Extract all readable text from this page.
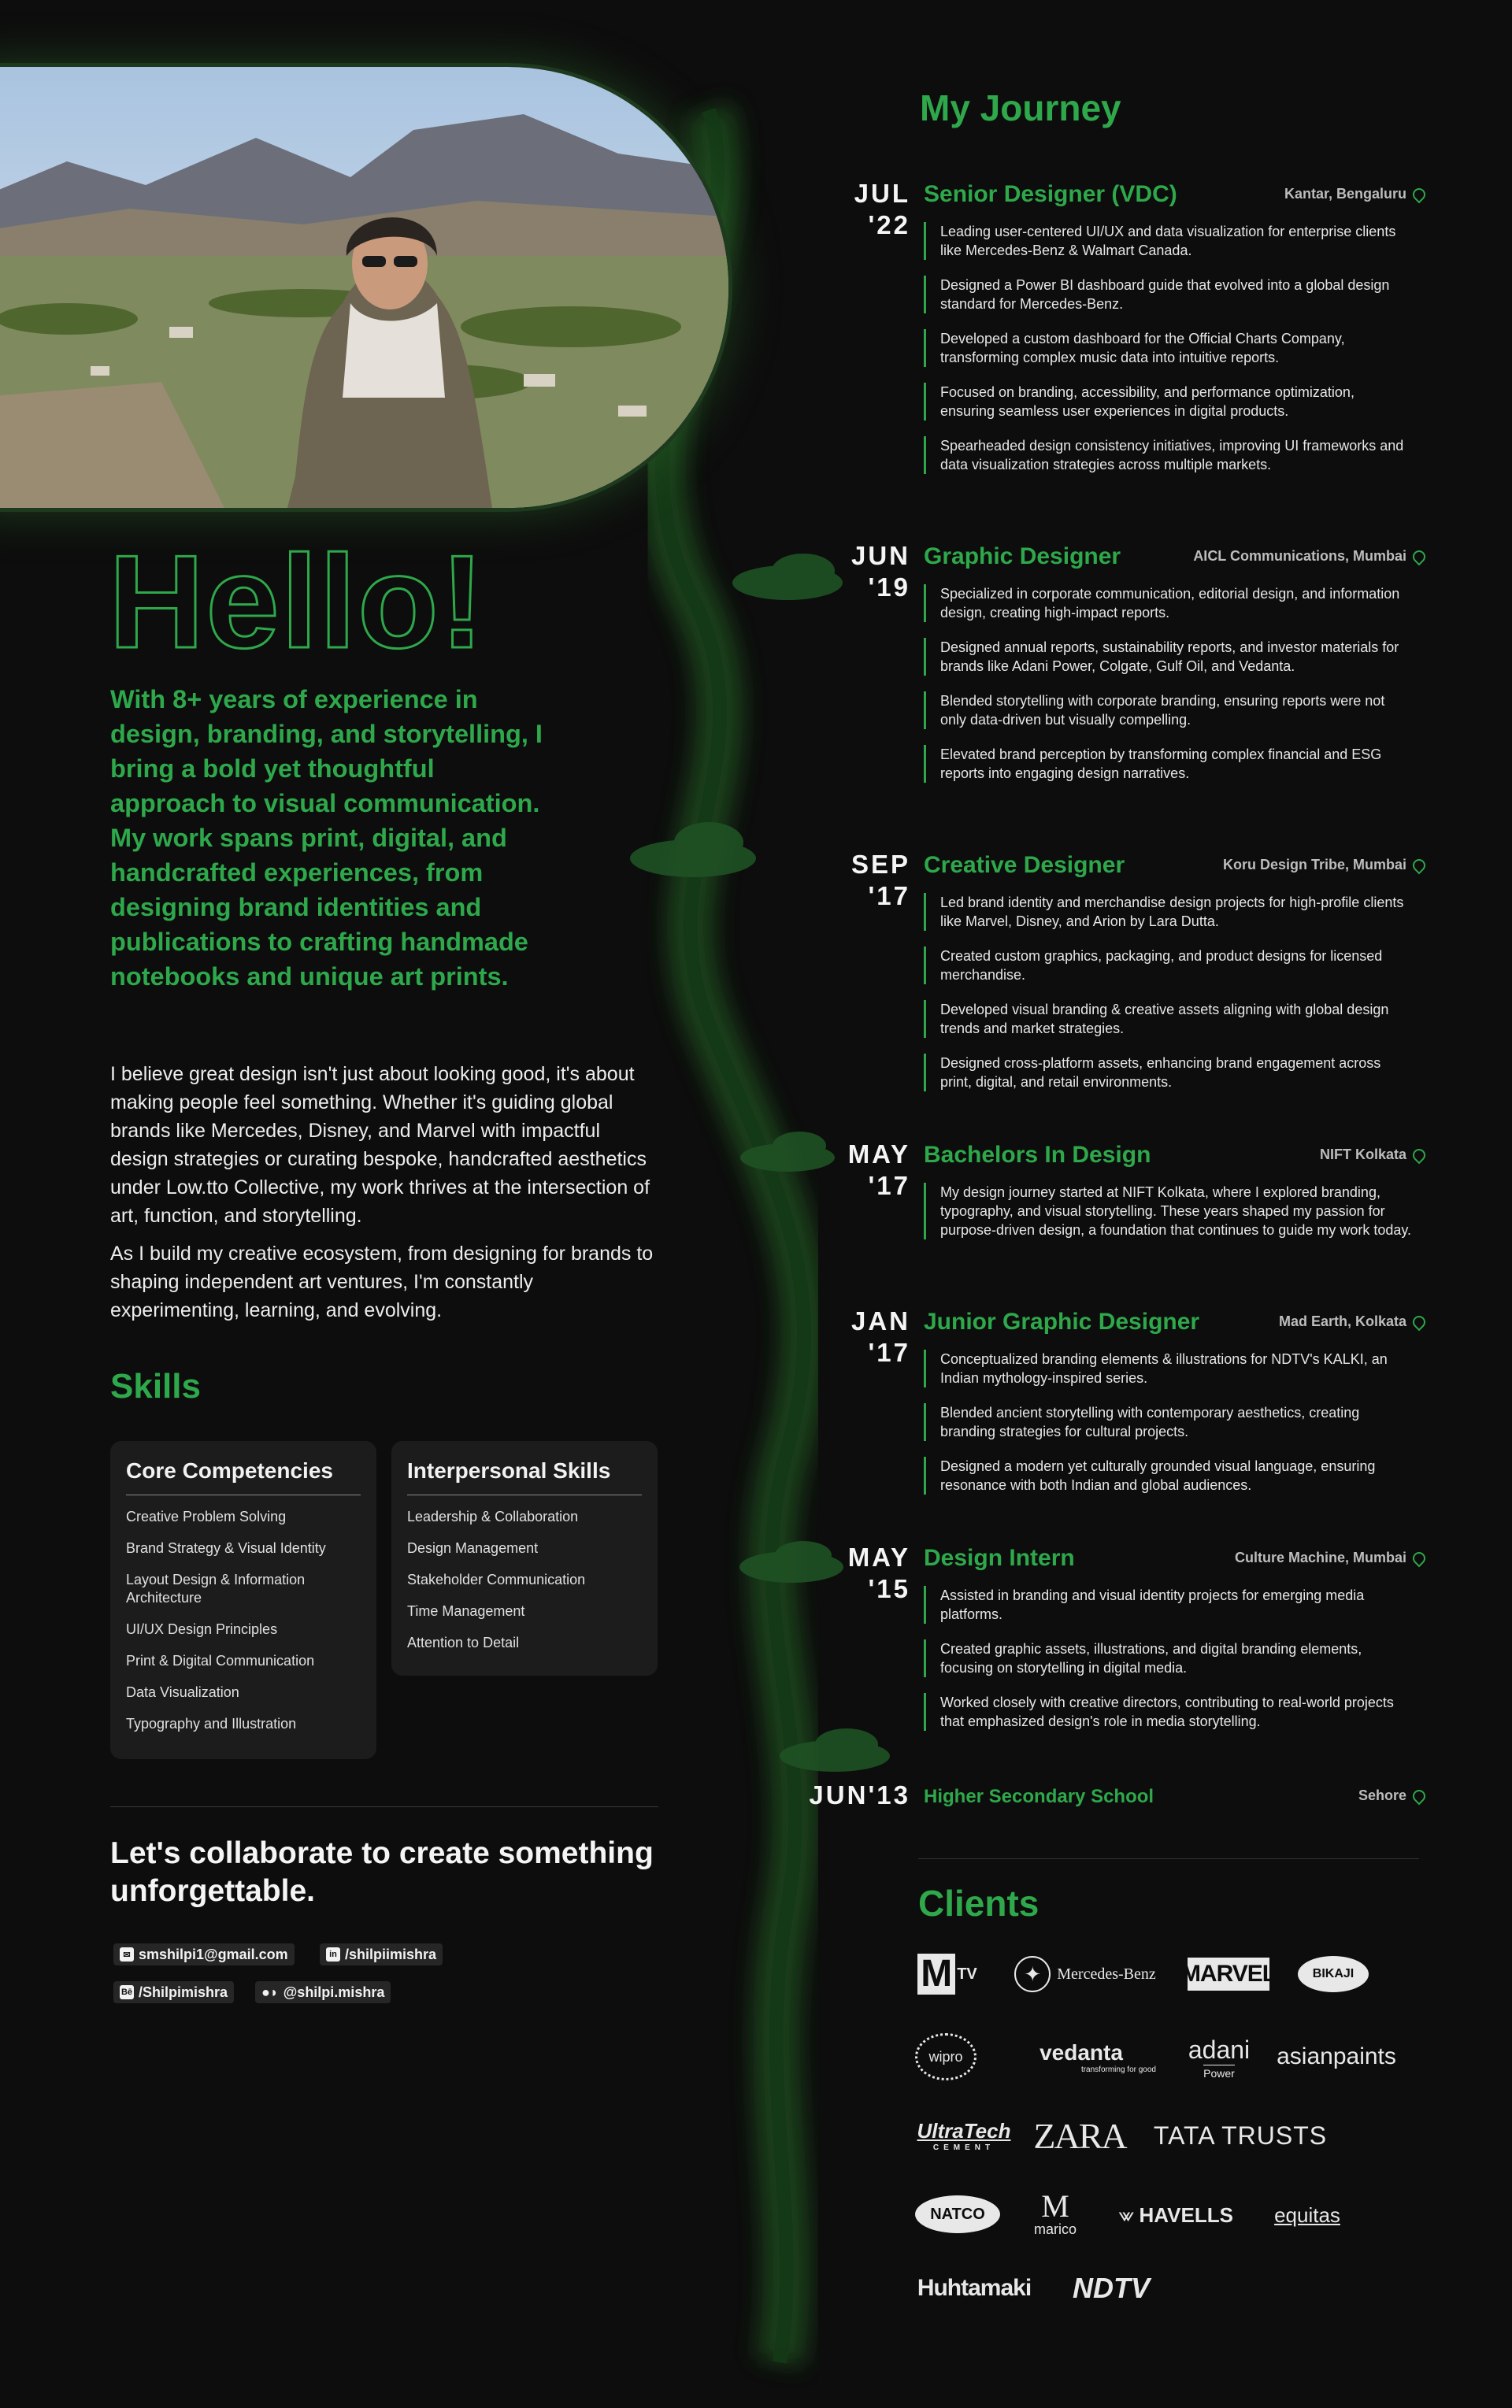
Hello!

With 8+ years of experience in design, branding, and storytelling, I bring a bold yet thoughtful approach to visual communication. My work spans print, digital, and handcrafted experiences, from designing brand identities and publications to crafting handmade notebooks and unique art prints.

I believe great design isn't just about looking good, it's about making people feel something. Whether it's guiding global brands like Mercedes, Disney, and Marvel with impactful design strategies or curating bespoke, handcrafted aesthetics under Low.tto Collective, my work thrives at the intersection of art, function, and storytelling.

As I build my creative ecosystem, from designing for brands to shaping independent art ventures, I'm constantly experimenting, learning, and evolving.

Skills
Core Competencies
Creative Problem Solving
Brand Strategy & Visual Identity
Layout Design & Information Architecture
UI/UX Design Principles
Print & Digital Communication
Data Visualization
Typography and Illustration
Interpersonal Skills
Leadership & Collaboration
Design Management
Stakeholder Communication
Time Management
Attention to Detail

Let's collaborate to create something unforgettable.

✉ smshilpi1@gmail.com	in /shilpiimishra
Bē /Shilpimishra ●◗ @shilpi.mishra
My Journey
JUL
'22
Senior Designer (VDC)	Kantar, Bengaluru
Leading user-centered UI/UX and data visualization for enterprise clients like Mercedes-Benz & Walmart Canada.
Designed a Power BI dashboard guide that evolved into a global design standard for Mercedes-Benz.
Developed a custom dashboard for the Official Charts Company, transforming complex music data into intuitive reports.
Focused on branding, accessibility, and performance optimization, ensuring seamless user experiences in digital products.
Spearheaded design consistency initiatives, improving UI frameworks and data visualization strategies across multiple markets.
JUN
'19
Graphic Designer	AICL Communications, Mumbai
Specialized in corporate communication, editorial design, and information design, creating high-impact reports.
Designed annual reports, sustainability reports, and investor materials for brands like Adani Power, Colgate, Gulf Oil, and Vedanta.
Blended storytelling with corporate branding, ensuring reports were not only data-driven but visually compelling.
Elevated brand perception by transforming complex financial and ESG reports into engaging design narratives.
SEP
'17
Creative Designer	Koru Design Tribe, Mumbai
Led brand identity and merchandise design projects for high-profile clients like Marvel, Disney, and Arion by Lara Dutta.
Created custom graphics, packaging, and product designs for licensed merchandise.
Developed visual branding & creative assets aligning with global design trends and market strategies.
Designed cross-platform assets, enhancing brand engagement across print, digital, and retail environments.
MAY
'17
Bachelors In Design	NIFT Kolkata
My design journey started at NIFT Kolkata, where I explored branding, typography, and visual storytelling. These years shaped my passion for purpose-driven design, a foundation that continues to guide my work today.
JAN
'17
Junior Graphic Designer	Mad Earth, Kolkata
Conceptualized branding elements & illustrations for NDTV's KALKI, an Indian mythology-inspired series.
Blended ancient storytelling with contemporary aesthetics, creating branding strategies for cultural projects.
Designed a modern yet culturally grounded visual language, ensuring resonance with both Indian and global audiences.
MAY
'15
Design Intern	Culture Machine, Mumbai
Assisted in branding and visual identity projects for emerging media platforms.
Created graphic assets, illustrations, and digital branding elements, focusing on storytelling in digital media.
Worked closely with creative directors, contributing to real-world projects that emphasized design's role in media storytelling.
JUN'13 Higher Secondary School	Sehore
Clients
M TV	✦	Mercedes-Benz MARVEL	BIKAJI
wipro	vedanta
transforming for good
adani
Power
asianpaints
UltraTech
CEMENT ZARA TATA TRUSTS
NATCO	M
marico
⩖ HAVELLS	equitas
Huhtamaki	NDTV
